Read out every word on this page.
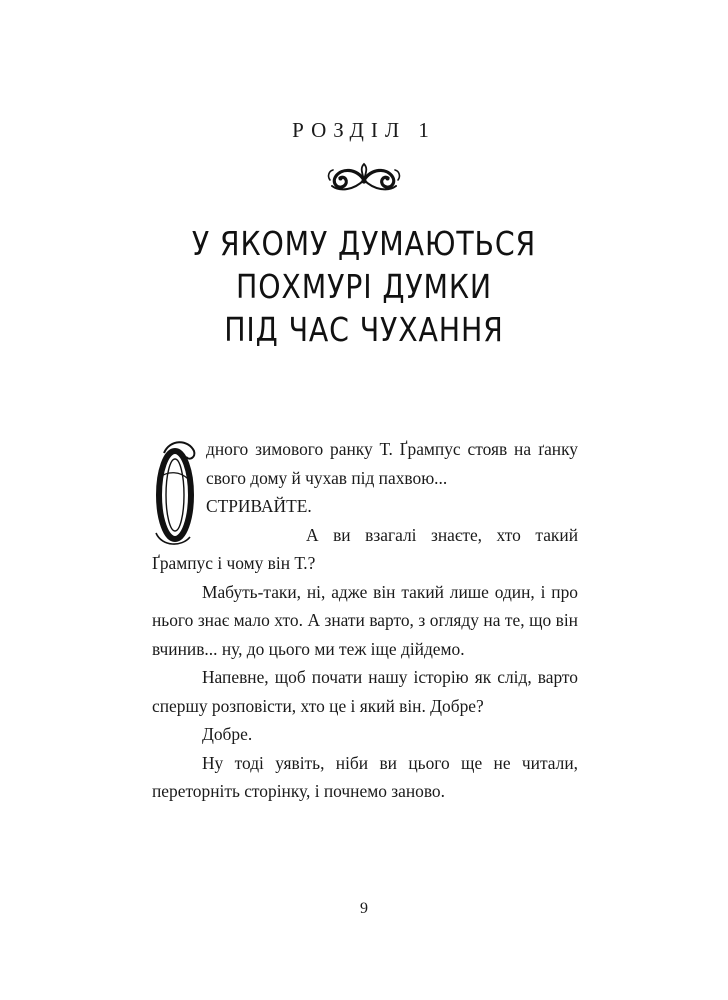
РОЗДІЛ 1
У ЯКОМУ ДУМАЮТЬСЯ
ПОХМУРІ ДУМКИ
ПІД ЧАС ЧУХАННЯ

дного зимового ранку Т. Ґрампус стояв на ґанку свого дому й чухав під пахвою...

СТРИВАЙТЕ.

А ви взагалі знаєте, хто такий Ґрампус і чому він Т.?

Мабуть-таки, ні, адже він такий лише один, і про нього знає мало хто. А знати варто, з огляду на те, що він вчинив... ну, до цього ми теж іще дійдемо.

Напевне, щоб почати нашу історію як слід, варто спершу розповісти, хто це і який він. Добре?

Добре.

Ну тоді уявіть, ніби ви цього ще не читали, переторніть сторінку, і почнемо заново.

9
